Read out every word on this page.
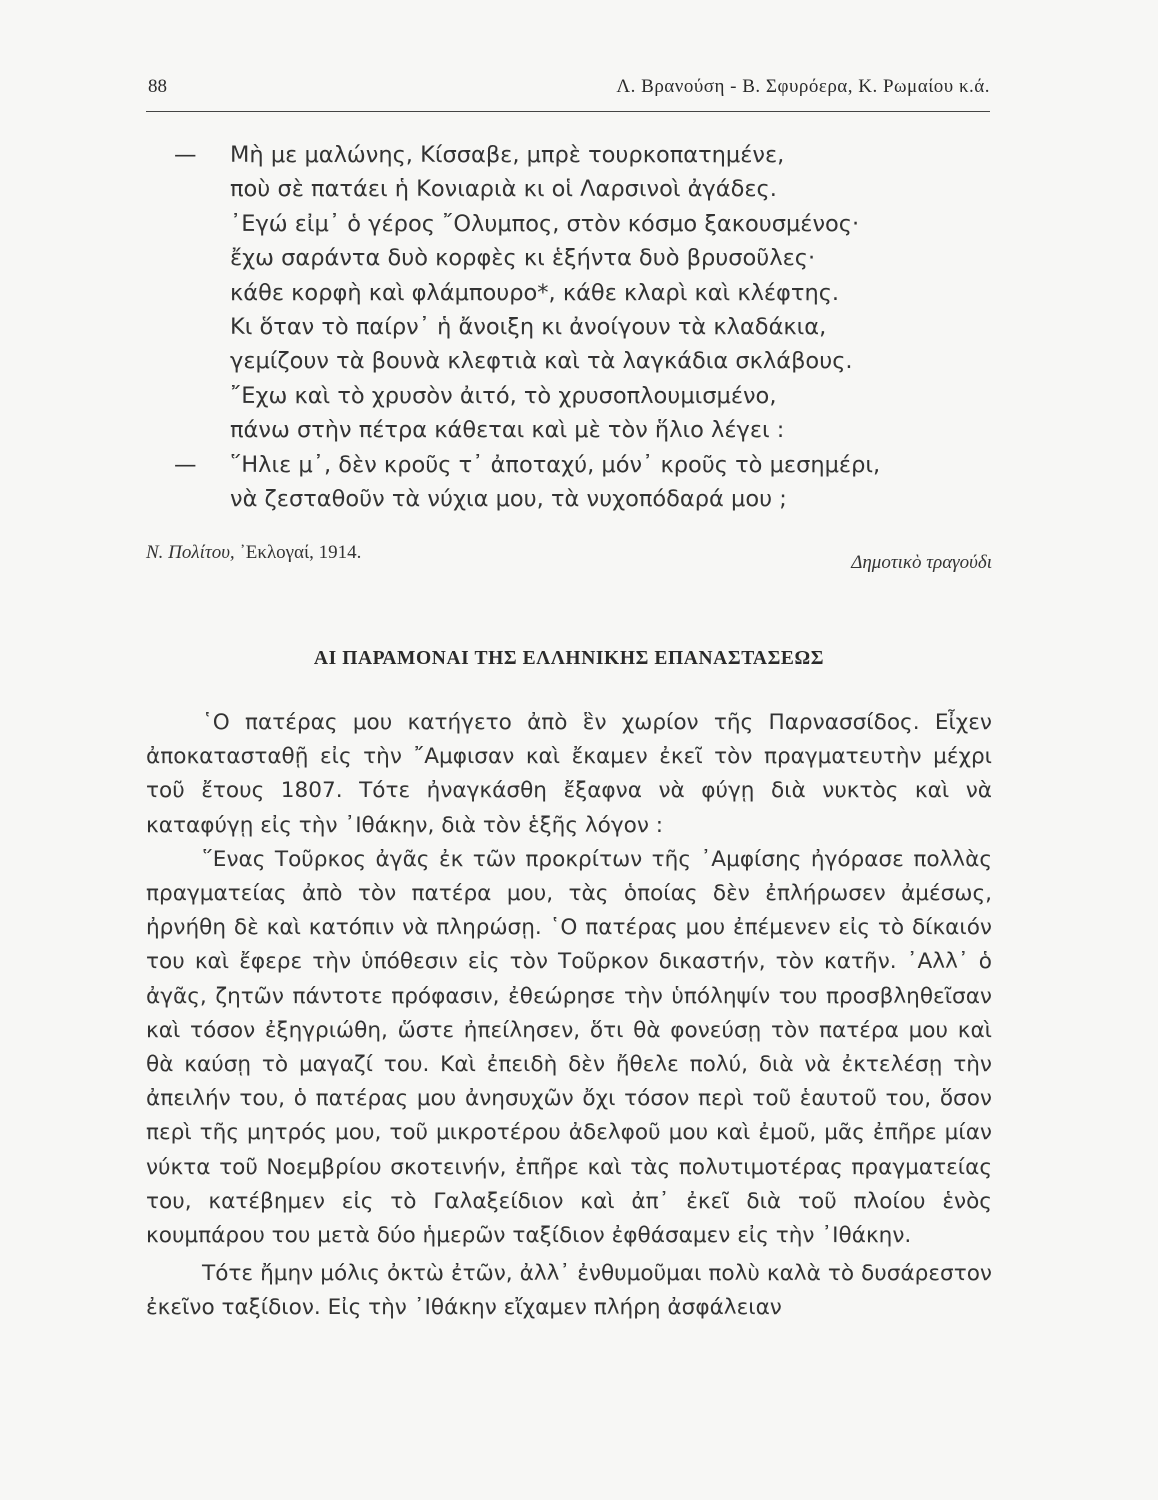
88	Λ. Βρανούση - Β. Σφυρόερα, Κ. Ρωμαίου κ.ά.
— Μὴ με μαλώνης, Κίσσαβε, μπρὲ τουρκοπατημένε,
ποὺ σὲ πατάει ἡ Κονιαριὰ κι οἱ Λαρσινοὶ ἀγάδες.
᾿Εγώ εἰμ᾿ ὁ γέρος ῎Ολυμπος, στὸν κόσμο ξακουσμένος·
ἔχω σαράντα δυὸ κορφὲς κι ἑξήντα δυὸ βρυσοῦλες·
κάθε κορφὴ καὶ φλάμπουρο*, κάθε κλαρὶ καὶ κλέφτης.
Κι ὅταν τὸ παίρν᾿ ἡ ἄνοιξη κι ἀνοίγουν τὰ κλαδάκια,
γεμίζουν τὰ βουνὰ κλεφτιὰ καὶ τὰ λαγκάδια σκλάβους.
῎Εχω καὶ τὸ χρυσὸν ἀιτό, τὸ χρυσοπλουμισμένο,
πάνω στὴν πέτρα κάθεται καὶ μὲ τὸν ἥλιο λέγει :
— ῞Ηλιε μ᾿, δὲν κροῦς τ᾿ ἀποταχύ, μόν᾿ κροῦς τὸ μεσημέρι,
νὰ ζεσταθοῦν τὰ νύχια μου, τὰ νυχοπόδαρά μου ;
Ν. Πολίτου, ᾿Εκλογαί, 1914.	Δημοτικὸ τραγούδι
ΑΙ ΠΑΡΑΜΟΝΑΙ ΤΗΣ ΕΛΛΗΝΙΚΗΣ ΕΠΑΝΑΣΤΑΣΕΩΣ

῾Ο πατέρας μου κατήγετο ἀπὸ ἓν χωρίον τῆς Παρνασσίδος. Εἶχεν ἀποκατασταθῇ εἰς τὴν ῎Αμφισαν καὶ ἔκαμεν ἐκεῖ τὸν πραγματευτὴν μέχρι τοῦ ἔτους 1807. Τότε ἠναγκάσθη ἔξαφνα νὰ φύγῃ διὰ νυκτὸς καὶ νὰ καταφύγῃ εἰς τὴν ᾿Ιθάκην, διὰ τὸν ἑξῆς λόγον :

῞Ενας Τοῦρκος ἀγᾶς ἐκ τῶν προκρίτων τῆς ᾿Αμφίσης ἠγόρασε πολλὰς πραγματείας ἀπὸ τὸν πατέρα μου, τὰς ὁποίας δὲν ἐπλήρωσεν ἀμέσως, ἠρνήθη δὲ καὶ κατόπιν νὰ πληρώσῃ. ῾Ο πατέρας μου ἐπέμενεν εἰς τὸ δίκαιόν του καὶ ἔφερε τὴν ὑπόθεσιν εἰς τὸν Τοῦρκον δικαστήν, τὸν κατῆν. ᾿Αλλ᾿ ὁ ἀγᾶς, ζητῶν πάντοτε πρόφασιν, ἐθεώρησε τὴν ὑπόληψίν του προσβληθεῖσαν καὶ τόσον ἐξηγριώθη, ὥστε ἠπείλησεν, ὅτι θὰ φονεύσῃ τὸν πατέρα μου καὶ θὰ καύσῃ τὸ μαγαζί του. Καὶ ἐπειδὴ δὲν ἤθελε πολύ, διὰ νὰ ἐκτελέσῃ τὴν ἀπειλήν του, ὁ πατέρας μου ἀνησυχῶν ὄχι τόσον περὶ τοῦ ἑαυτοῦ του, ὅσον περὶ τῆς μητρός μου, τοῦ μικροτέρου ἀδελφοῦ μου καὶ ἐμοῦ, μᾶς ἐπῆρε μίαν νύκτα τοῦ Νοεμβρίου σκοτεινήν, ἐπῆρε καὶ τὰς πολυτιμοτέρας πραγματείας του, κατέβημεν εἰς τὸ Γαλαξείδιον καὶ ἀπ᾿ ἐκεῖ διὰ τοῦ πλοίου ἑνὸς κουμπάρου του μετὰ δύο ἡμερῶν ταξίδιον ἐφθάσαμεν εἰς τὴν ᾿Ιθάκην.

Τότε ἤμην μόλις ὀκτὼ ἐτῶν, ἀλλ᾿ ἐνθυμοῦμαι πολὺ καλὰ τὸ δυσάρεστον ἐκεῖνο ταξίδιον. Εἰς τὴν ᾿Ιθάκην εἴχαμεν πλήρη ἀσφάλειαν
